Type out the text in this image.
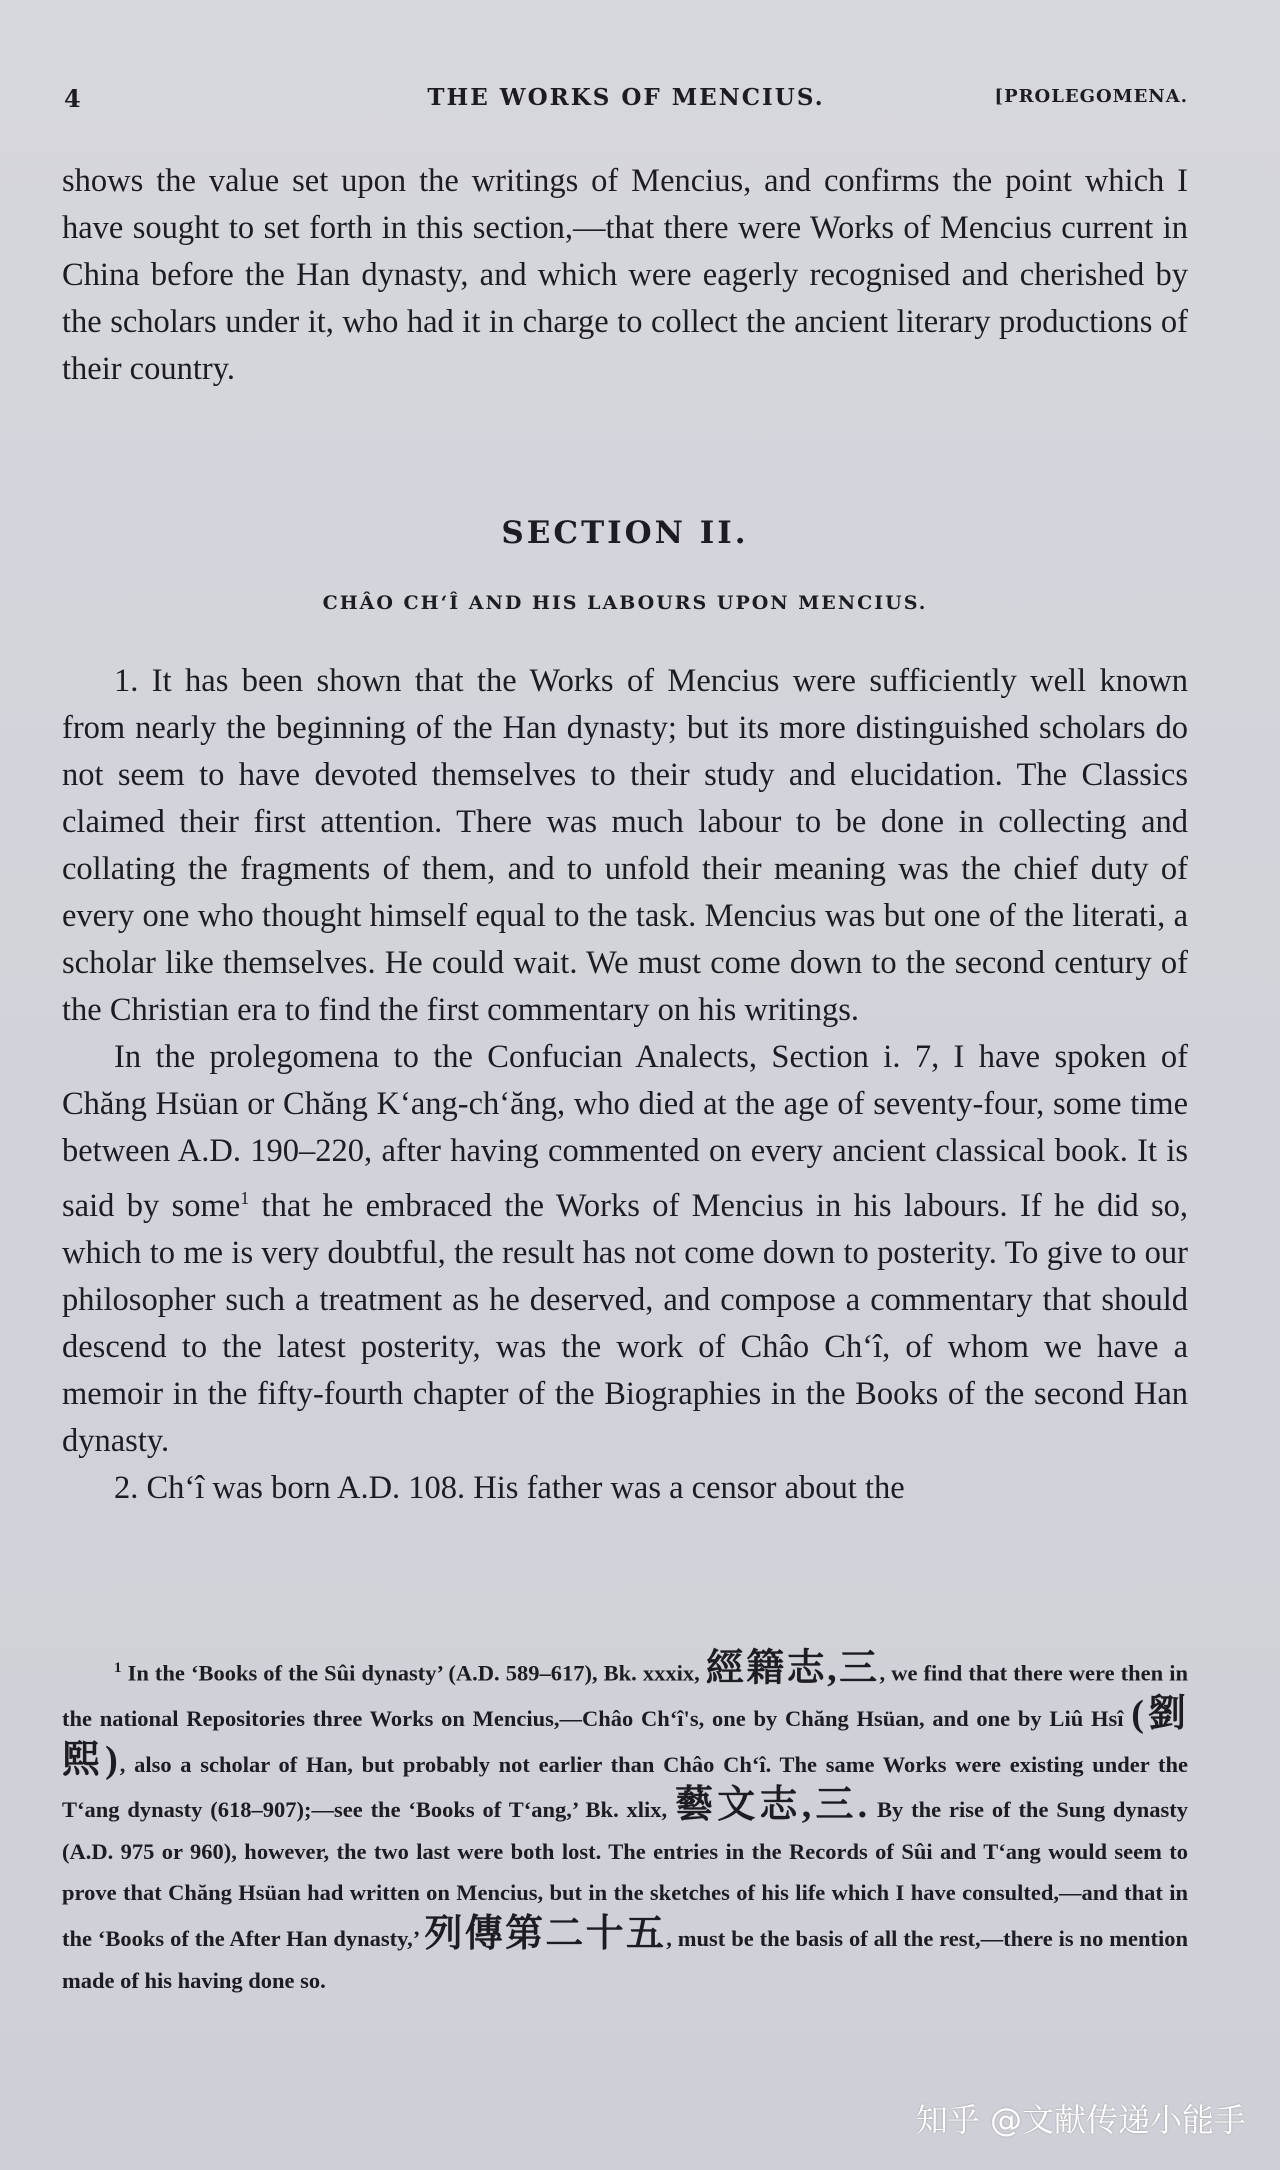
4	THE WORKS OF MENCIUS.	[PROLEGOMENA.

shows the value set upon the writings of Mencius, and confirms the point which I have sought to set forth in this section,—that there were Works of Mencius current in China before the Han dynasty, and which were eagerly recognised and cherished by the scholars under it, who had it in charge to collect the ancient literary productions of their country.

SECTION II.
CHÂO CH‘Î AND HIS LABOURS UPON MENCIUS.

1. It has been shown that the Works of Mencius were sufficiently well known from nearly the beginning of the Han dynasty; but its more distinguished scholars do not seem to have devoted themselves to their study and elucidation. The Classics claimed their first attention. There was much labour to be done in collecting and collating the fragments of them, and to unfold their meaning was the chief duty of every one who thought himself equal to the task. Mencius was but one of the literati, a scholar like themselves. He could wait. We must come down to the second century of the Christian era to find the first commentary on his writings.

In the prolegomena to the Confucian Analects, Section i. 7, I have spoken of Chăng Hsüan or Chăng K‘ang-ch‘ăng, who died at the age of seventy-four, some time between A.D. 190–220, after having commented on every ancient classical book. It is said by some$^1$ that he embraced the Works of Mencius in his labours. If he did so, which to me is very doubtful, the result has not come down to posterity. To give to our philosopher such a treatment as he deserved, and compose a commentary that should descend to the latest posterity, was the work of Châo Ch‘î, of whom we have a memoir in the fifty-fourth chapter of the Biographies in the Books of the second Han dynasty.

2. Ch‘î was born A.D. 108. His father was a censor about the

$^1$ In the ‘Books of the Sûi dynasty’ (A.D. 589–617), Bk. xxxix, 經籍志,三, we find that there were then in the national Repositories three Works on Mencius,—Châo Ch‘î's, one by Chăng Hsüan, and one by Liû Hsî (劉熙), also a scholar of Han, but probably not earlier than Châo Ch‘î. The same Works were existing under the T‘ang dynasty (618–907);—see the ‘Books of T‘ang,’ Bk. xlix, 藝文志,三. By the rise of the Sung dynasty (A.D. 975 or 960), however, the two last were both lost. The entries in the Records of Sûi and T‘ang would seem to prove that Chăng Hsüan had written on Mencius, but in the sketches of his life which I have consulted,—and that in the ‘Books of the After Han dynasty,’ 列傳第二十五, must be the basis of all the rest,—there is no mention made of his having done so.

知乎 @文献传递小能手
